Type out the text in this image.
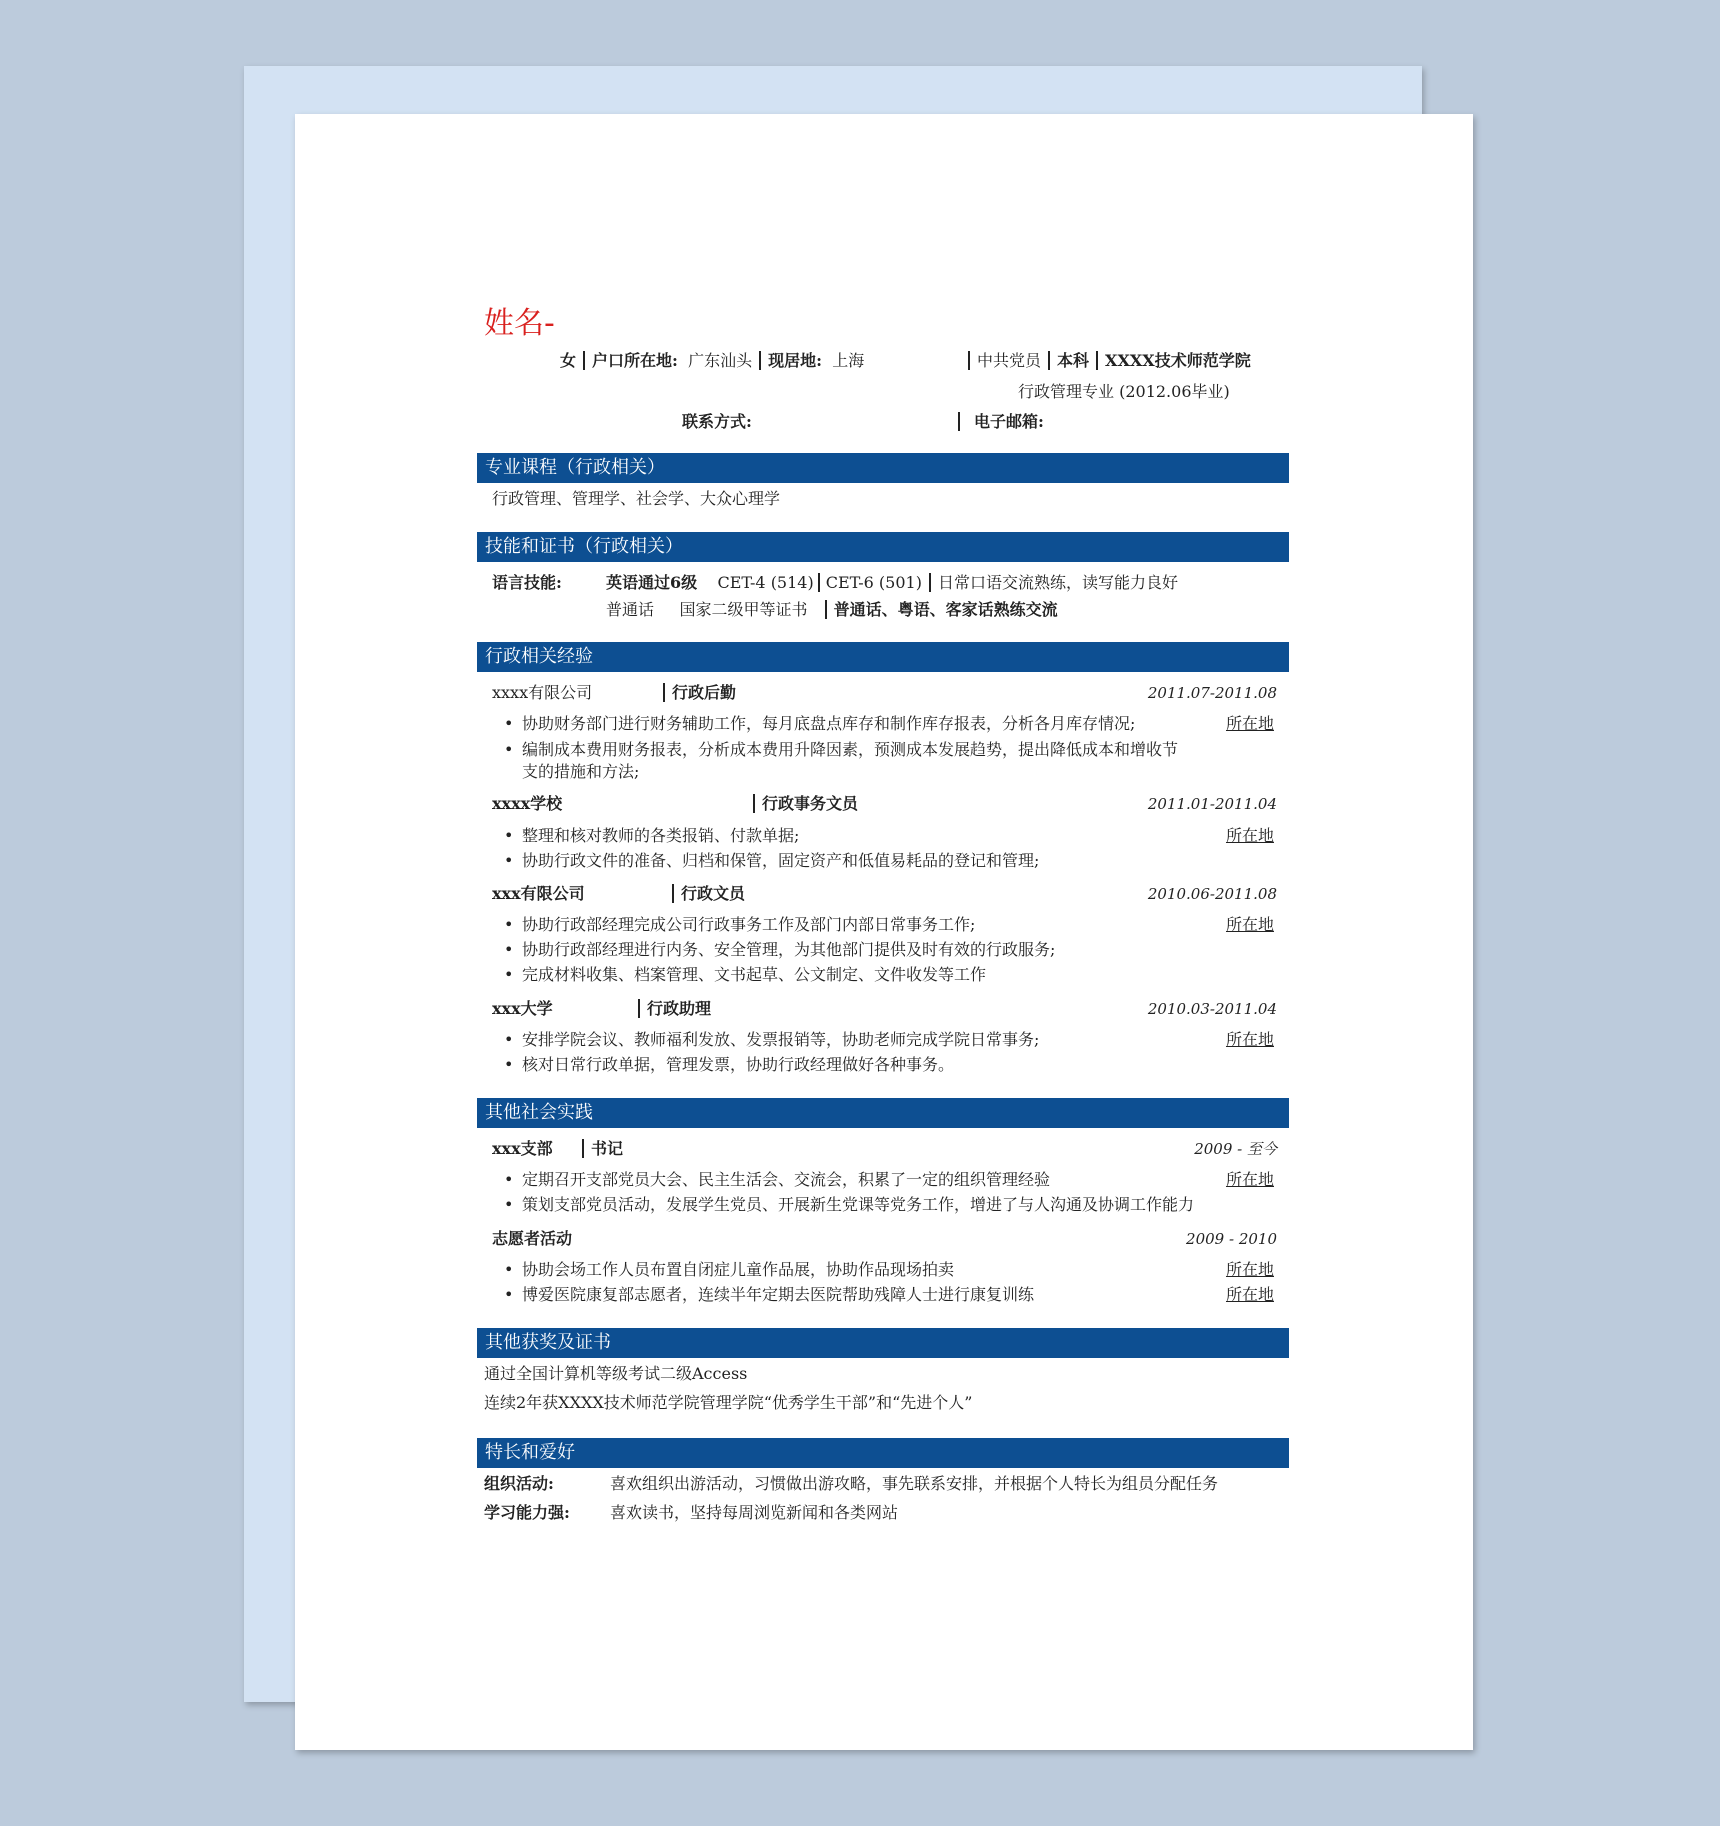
姓名-
女 户口所在地: 广东汕头 现居地: 上海	中共党员 本科 XXXX技术师范学院
行政管理专业 (2012.06毕业)
联系方式:	电子邮箱:
专业课程（行政相关）
行政管理、管理学、社会学、大众心理学
技能和证书（行政相关）
语言技能:	英语通过6级 CET-4 (514) CET-6 (501) 日常口语交流熟练，读写能力良好
普通话 国家二级甲等证书 普通话、粤语、客家话熟练交流
行政相关经验
xxxx有限公司	行政后勤	2011.07-2011.08
• 协助财务部门进行财务辅助工作，每月底盘点库存和制作库存报表，分析各月库存情况;	所在地
• 编制成本费用财务报表，分析成本费用升降因素，预测成本发展趋势，提出降低成本和增收节支的措施和方法;
xxxx学校	行政事务文员	2011.01-2011.04
• 整理和核对教师的各类报销、付款单据;	所在地
• 协助行政文件的准备、归档和保管，固定资产和低值易耗品的登记和管理;
xxx有限公司	行政文员	2010.06-2011.08
• 协助行政部经理完成公司行政事务工作及部门内部日常事务工作;	所在地
• 协助行政部经理进行内务、安全管理，为其他部门提供及时有效的行政服务;
• 完成材料收集、档案管理、文书起草、公文制定、文件收发等工作
xxx大学	行政助理	2010.03-2011.04
• 安排学院会议、教师福利发放、发票报销等，协助老师完成学院日常事务;	所在地
• 核对日常行政单据，管理发票，协助行政经理做好各种事务。
其他社会实践
xxx支部	书记	2009 - 至今
• 定期召开支部党员大会、民主生活会、交流会，积累了一定的组织管理经验	所在地
• 策划支部党员活动，发展学生党员、开展新生党课等党务工作，增进了与人沟通及协调工作能力
志愿者活动	2009 - 2010
• 协助会场工作人员布置自闭症儿童作品展，协助作品现场拍卖	所在地
• 博爱医院康复部志愿者，连续半年定期去医院帮助残障人士进行康复训练	所在地
其他获奖及证书
通过全国计算机等级考试二级Access
连续2年获XXXX技术师范学院管理学院“优秀学生干部”和“先进个人”
特长和爱好
组织活动:	喜欢组织出游活动，习惯做出游攻略，事先联系安排，并根据个人特长为组员分配任务
学习能力强:	喜欢读书，坚持每周浏览新闻和各类网站
